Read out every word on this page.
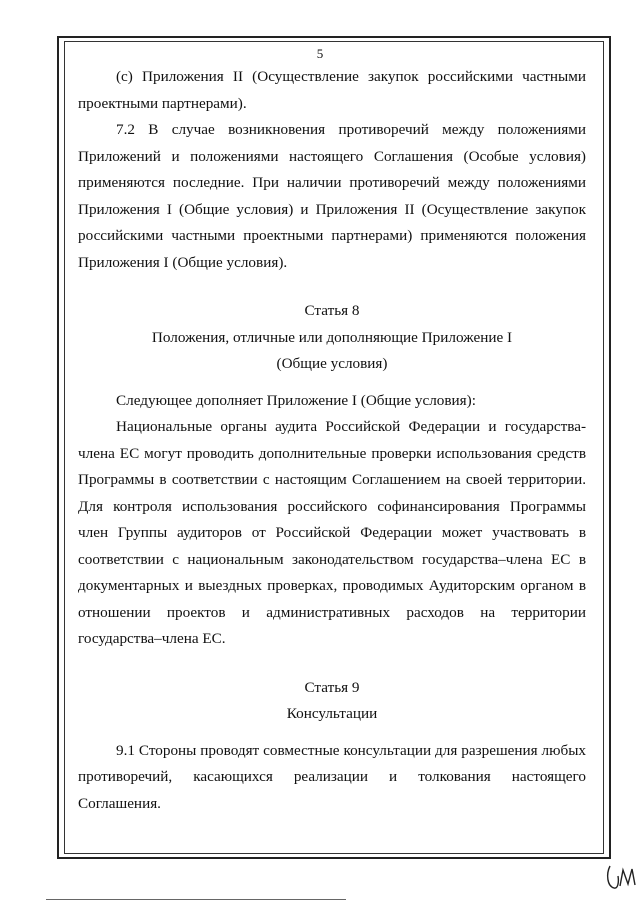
5

(с) Приложения II (Осуществление закупок российскими частными проектными партнерами).

7.2 В случае возникновения противоречий между положениями Приложений и положениями настоящего Соглашения (Особые условия) применяются последние. При наличии противоречий между положениями Приложения I (Общие условия) и Приложения II (Осуществление закупок российскими частными проектными партнерами) применяются положения Приложения I (Общие условия).

Статья 8

Положения, отличные или дополняющие Приложение I

(Общие условия)

Следующее дополняет Приложение I (Общие условия):

Национальные органы аудита Российской Федерации и государства-члена ЕС могут проводить дополнительные проверки использования средств Программы в соответствии с настоящим Соглашением на своей территории. Для контроля использования российского софинансирования Программы член Группы аудиторов от Российской Федерации может участвовать в соответствии с национальным законодательством государства–члена ЕС в документарных и выездных проверках, проводимых Аудиторским органом в отношении проектов и административных расходов на территории государства–члена ЕС.

Статья 9

Консультации

9.1 Стороны проводят совместные консультации для разрешения любых противоречий, касающихся реализации и толкования настоящего Соглашения.
